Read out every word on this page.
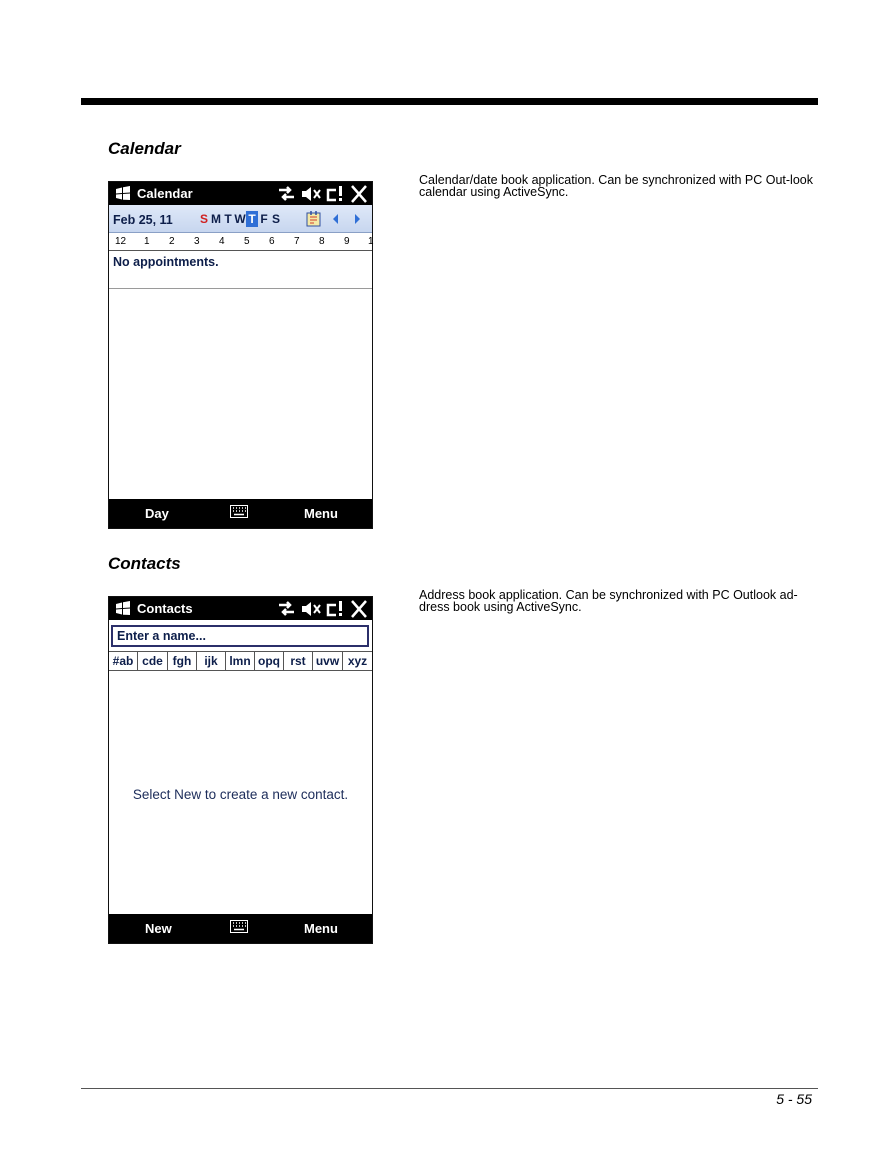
Calendar
Calendar/date book application. Can be synchronized with PC Out-look calendar using ActiveSync.
Calendar
Feb 25, 11 S M T W T F S
12 1 2 3 4 5 6 7 8 9 1
No appointments.
Day	Menu
Contacts
Address book application. Can be synchronized with PC Outlook ad-dress book using ActiveSync.
Contacts
Enter a name...
#ab cde fgh	ijk lmn opq rst uvw xyz
Select New to create a new contact.
New	Menu
5 - 55
